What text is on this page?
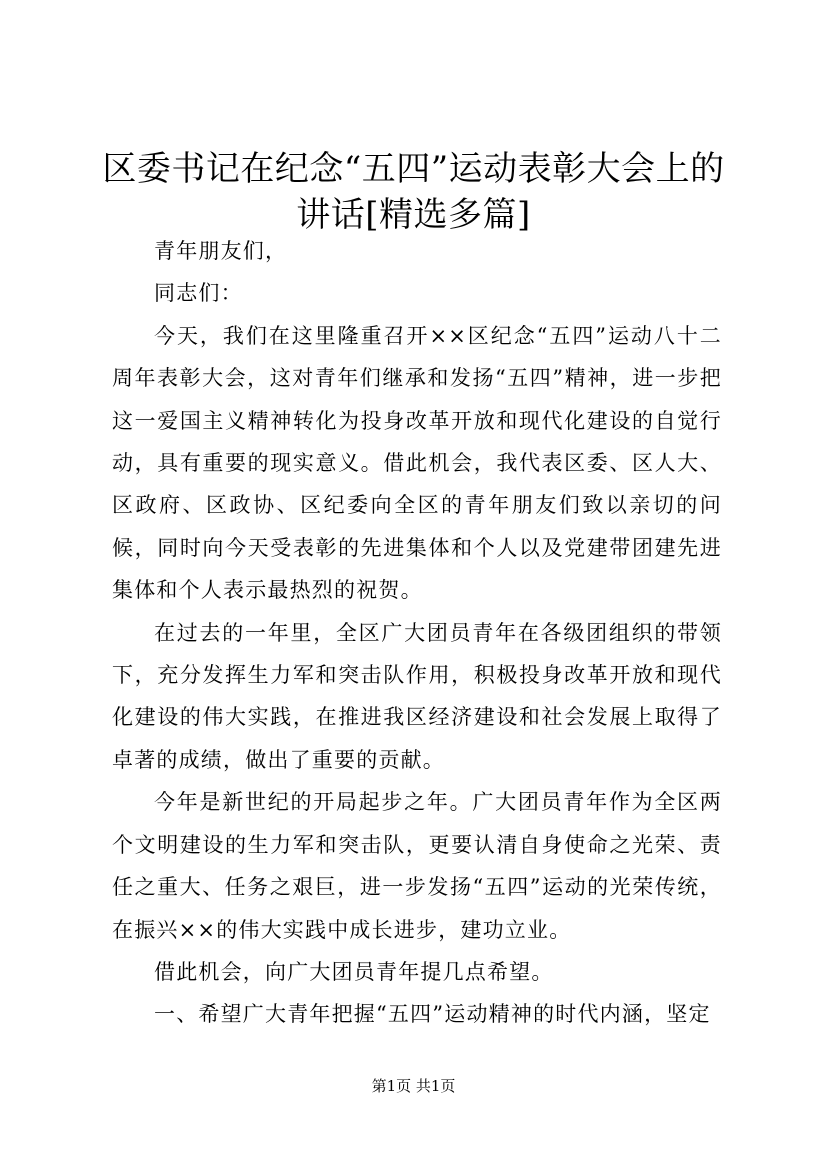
区委书记在纪念“五四”运动表彰大会上的讲话[精选多篇]

青年朋友们，

同志们：

今天，我们在这里隆重召开××区纪念“五四”运动八十二周年表彰大会，这对青年们继承和发扬“五四”精神，进一步把这一爱国主义精神转化为投身改革开放和现代化建设的自觉行动，具有重要的现实意义。借此机会，我代表区委、区人大、区政府、区政协、区纪委向全区的青年朋友们致以亲切的问候，同时向今天受表彰的先进集体和个人以及党建带团建先进集体和个人表示最热烈的祝贺。

在过去的一年里，全区广大团员青年在各级团组织的带领下，充分发挥生力军和突击队作用，积极投身改革开放和现代化建设的伟大实践，在推进我区经济建设和社会发展上取得了卓著的成绩，做出了重要的贡献。

今年是新世纪的开局起步之年。广大团员青年作为全区两个文明建设的生力军和突击队，更要认清自身使命之光荣、责任之重大、任务之艰巨，进一步发扬“五四”运动的光荣传统，在振兴××的伟大实践中成长进步，建功立业。

借此机会，向广大团员青年提几点希望。

一、希望广大青年把握“五四”运动精神的时代内涵，坚定

第1页 共1页
